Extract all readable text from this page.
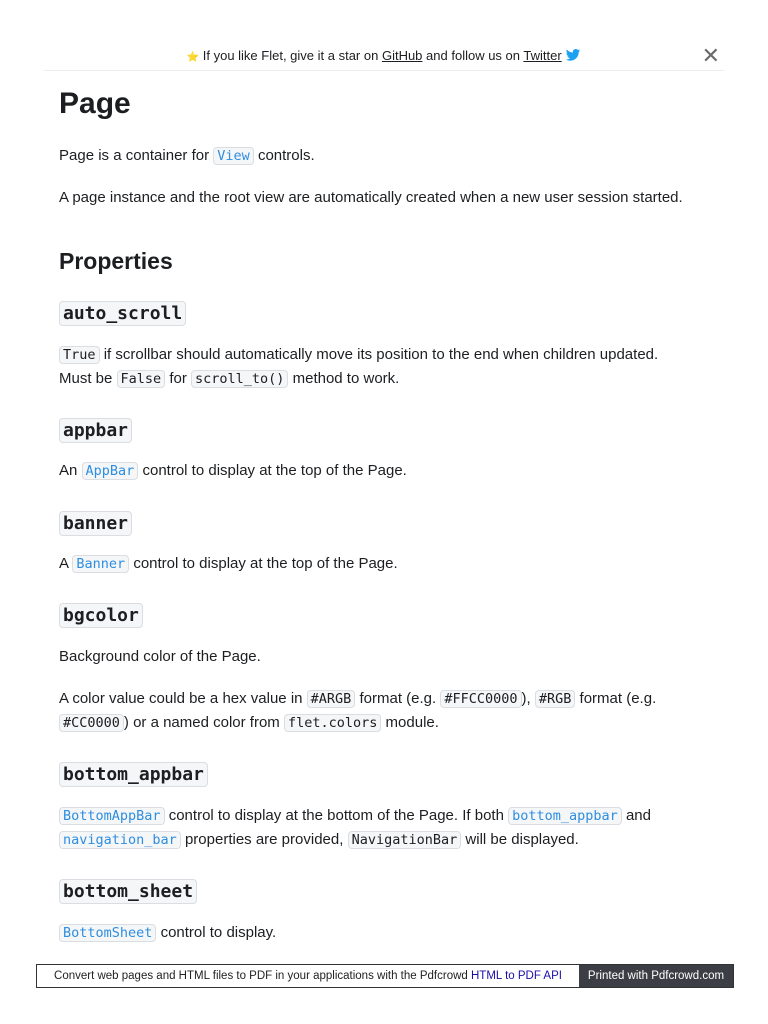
⭐ If you like Flet, give it a star on GitHub and follow us on Twitter	✕
Page

Page is a container for View controls.

A page instance and the root view are automatically created when a new user session started.

Properties
auto_scroll

True if scrollbar should automatically move its position to the end when children updated.
Must be False for scroll_to() method to work.

appbar

An AppBar control to display at the top of the Page.

banner

A Banner control to display at the top of the Page.

bgcolor

Background color of the Page.

A color value could be a hex value in #ARGB format (e.g. #FFCC0000 ), #RGB format (e.g.
#CC0000 ) or a named color from flet.colors module.

bottom_appbar

BottomAppBar control to display at the bottom of the Page. If both bottom_appbar and
navigation_bar properties are provided, NavigationBar will be displayed.

bottom_sheet

BottomSheet control to display.

Convert web pages and HTML files to PDF in your applications with the Pdfcrowd HTML to PDF API	Printed with Pdfcrowd.com
